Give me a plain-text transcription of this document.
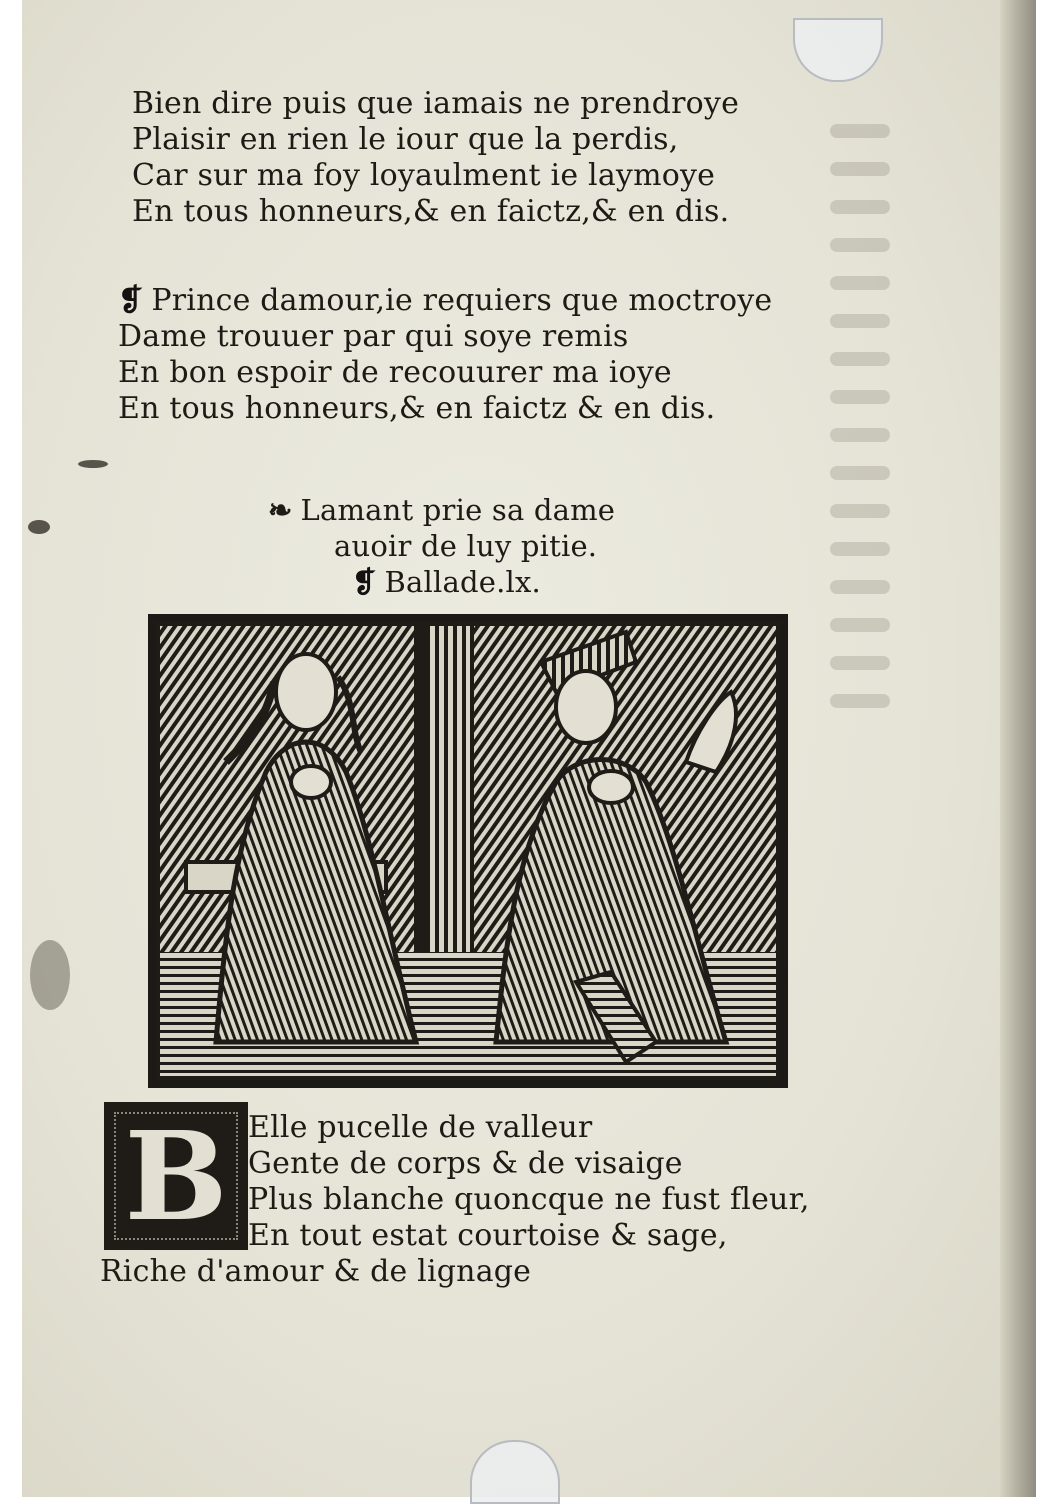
Bien dire puis que iamais ne prendroye
Plaisir en rien le iour que la perdis,
Car sur ma foy loyaulment ie laymoye
En tous honneurs,& en faictz,& en dis.
❡ Prince damour,ie requiers que moctroye
Dame trouuer par qui soye remis
En bon espoir de recouurer ma ioye
En tous honneurs,& en faictz & en dis.
❧ Lamant prie sa dame
auoir de luy pitie.
❡ Ballade.lx.
B Elle pucelle de valleur
Gente de corps & de visaige
Plus blanche quoncque ne fust fleur,
En tout estat courtoise & sage,
Riche d'amour & de lignage
